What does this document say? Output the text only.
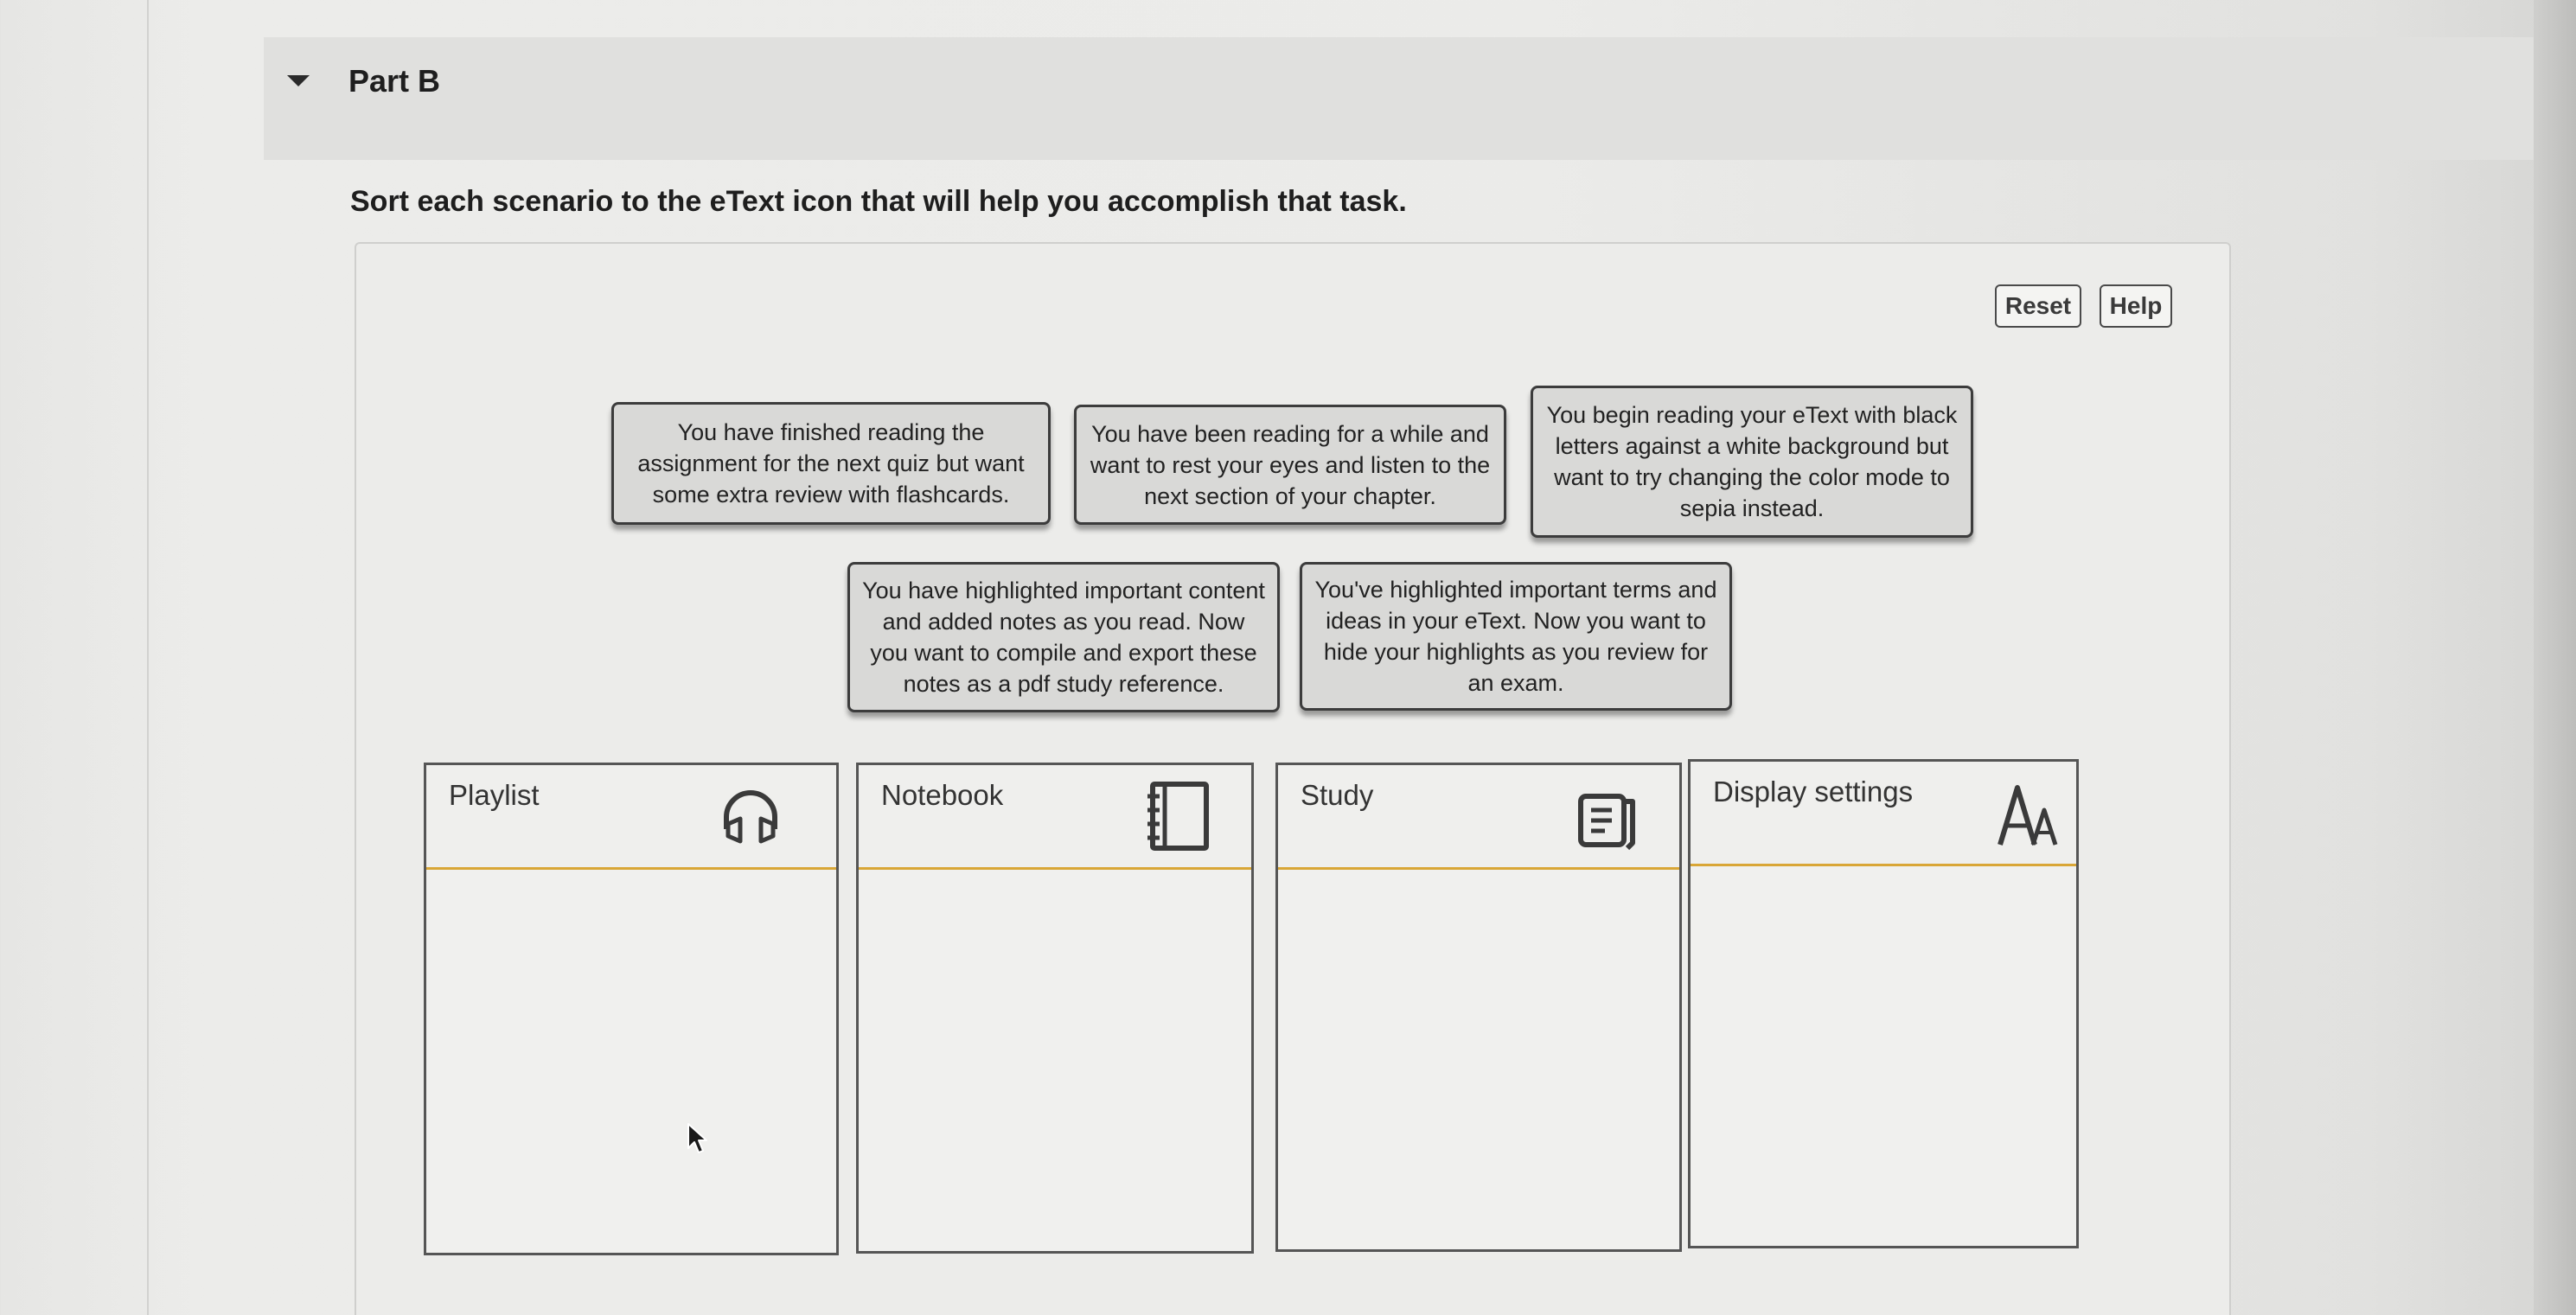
Part B
Sort each scenario to the eText icon that will help you accomplish that task.
Reset	Help
You have finished reading the assignment for the next quiz but want some extra review with flashcards.
You have been reading for a while and want to rest your eyes and listen to the next section of your chapter.
You begin reading your eText with black letters against a white background but want to try changing the color mode to sepia instead.
You have highlighted important content and added notes as you read. Now you want to compile and export these notes as a pdf study reference.
You've highlighted important terms and ideas in your eText. Now you want to hide your highlights as you review for an exam.
Playlist	Notebook	Study	Display settings
